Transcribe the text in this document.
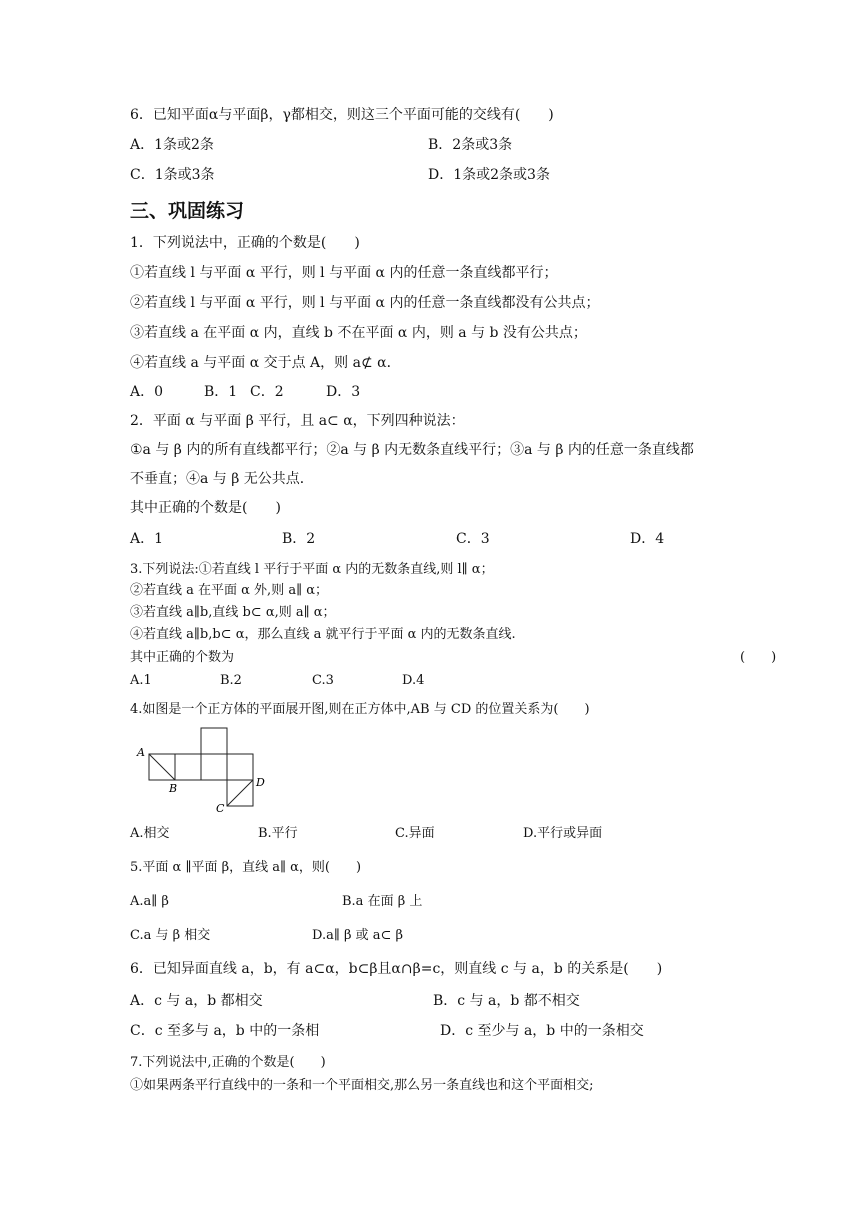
6．已知平面α与平面β，γ都相交，则这三个平面可能的交线有(　　)
A．1条或2条	B．2条或3条
C．1条或3条	D．1条或2条或3条
三、巩固练习
1．下列说法中，正确的个数是(　　)
①若直线 l 与平面 α 平行，则 l 与平面 α 内的任意一条直线都平行；
②若直线 l 与平面 α 平行，则 l 与平面 α 内的任意一条直线都没有公共点；
③若直线 a 在平面 α 内，直线 b 不在平面 α 内，则 a 与 b 没有公共点；
④若直线 a 与平面 α 交于点 A，则 a⊄ α．
A．0	B．1 C．2	D．3
2．平面 α 与平面 β 平行，且 a⊂ α，下列四种说法：
①a 与 β 内的所有直线都平行；②a 与 β 内无数条直线平行；③a 与 β 内的任意一条直线都
不垂直；④a 与 β 无公共点．
其中正确的个数是(　　)
A．1	B．2	C．3	D．4
3.下列说法:①若直线 l 平行于平面 α 内的无数条直线,则 l∥ α；
②若直线 a 在平面 α 外,则 a∥ α；
③若直线 a∥b,直线 b⊂ α,则 a∥ α；
④若直线 a∥b,b⊂ α，那么直线 a 就平行于平面 α 内的无数条直线.
其中正确的个数为	(　　)
A.1	B.2	C.3	D.4
4.如图是一个正方体的平面展开图,则在正方体中,AB 与 CD 的位置关系为(　　)
A
B
C
D
A.相交	B.平行	C.异面	D.平行或异面
5.平面 α ∥平面 β，直线 a∥ α，则(　　)
A.a∥ β	B.a 在面 β 上
C.a 与 β 相交	D.a∥ β 或 a⊂ β
6．已知异面直线 a，b，有 a⊂α，b⊂β且α∩β=c，则直线 c 与 a，b 的关系是(　　)
A．c 与 a，b 都相交	B．c 与 a，b 都不相交
C．c 至多与 a，b 中的一条相	D．c 至少与 a，b 中的一条相交
7.下列说法中,正确的个数是(　　)
①如果两条平行直线中的一条和一个平面相交,那么另一条直线也和这个平面相交;
